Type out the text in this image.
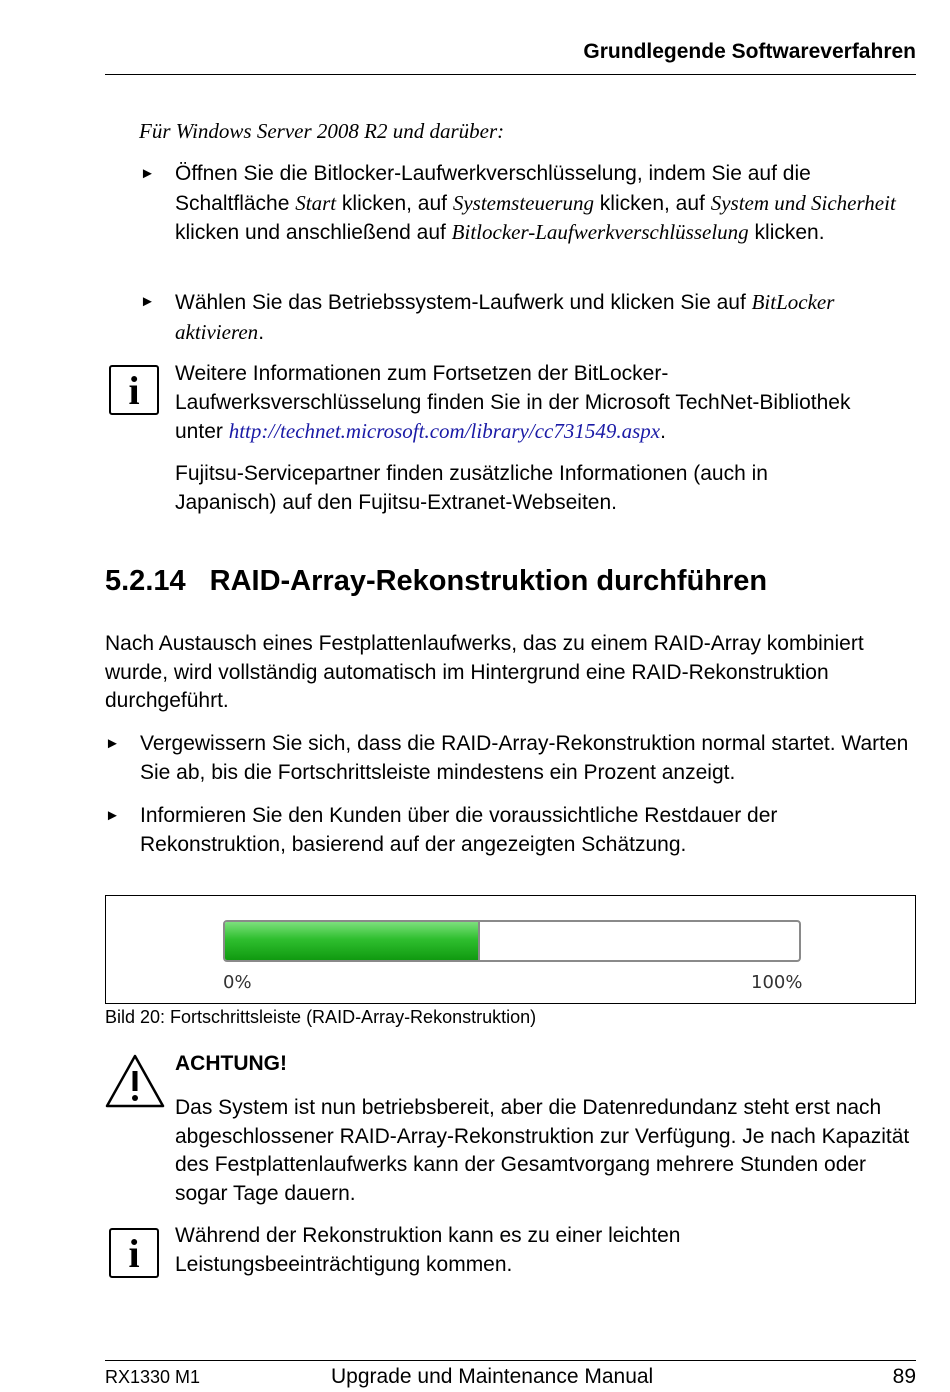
Grundlegende Softwareverfahren
Für Windows Server 2008 R2 und darüber:
► Öffnen Sie die Bitlocker-Laufwerkverschlüsselung, indem Sie auf die Schaltfläche Start klicken, auf Systemsteuerung klicken, auf System und Sicherheit klicken und anschließend auf Bitlocker-Laufwerkverschlüsselung klicken.
► Wählen Sie das Betriebssystem-Laufwerk und klicken Sie auf BitLocker aktivieren.
i	Weitere Informationen zum Fortsetzen der BitLocker-Laufwerksverschlüsselung finden Sie in der Microsoft TechNet-Bibliothek unter http://technet.microsoft.com/library/cc731549.aspx.
Fujitsu-Servicepartner finden zusätzliche Informationen (auch in Japanisch) auf den Fujitsu-Extranet-Webseiten.
5.2.14 RAID-Array-Rekonstruktion durchführen
Nach Austausch eines Festplattenlaufwerks, das zu einem RAID-Array kombiniert wurde, wird vollständig automatisch im Hintergrund eine RAID-Rekonstruktion durchgeführt.
► Vergewissern Sie sich, dass die RAID-Array-Rekonstruktion normal startet. Warten Sie ab, bis die Fortschrittsleiste mindestens ein Prozent anzeigt.
► Informieren Sie den Kunden über die voraussichtliche Restdauer der Rekonstruktion, basierend auf der angezeigten Schätzung.
0%	100%
Bild 20: Fortschrittsleiste (RAID-Array-Rekonstruktion)
ACHTUNG!
Das System ist nun betriebsbereit, aber die Datenredundanz steht erst nach abgeschlossener RAID-Array-Rekonstruktion zur Verfügung. Je nach Kapazität des Festplattenlaufwerks kann der Gesamtvorgang mehrere Stunden oder sogar Tage dauern.
i	Während der Rekonstruktion kann es zu einer leichten Leistungsbeeinträchtigung kommen.
RX1330 M1	Upgrade und Maintenance Manual	89
